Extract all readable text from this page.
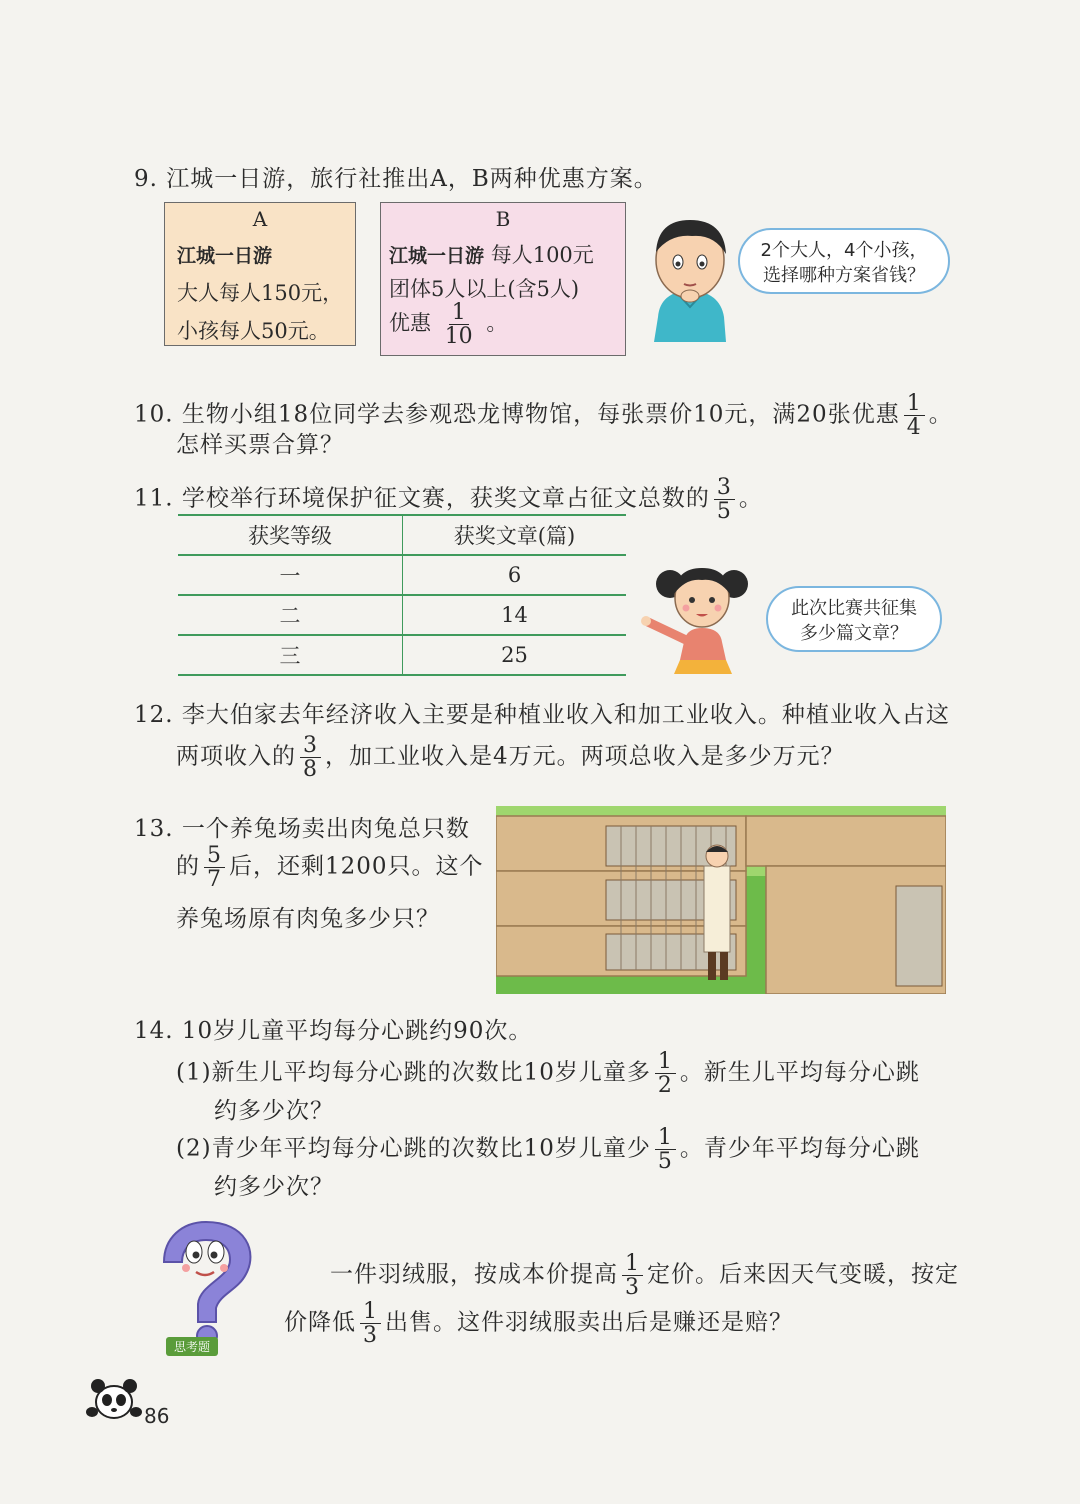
9. 江城一日游，旅行社推出A，B两种优惠方案。
A
江城一日游
大人每人150元，
小孩每人50元。
B
江城一日游 每人100元
团体5人以上(含5人)
优惠 $\frac{1}{10}$ 。
2个大人，4个小孩，
选择哪种方案省钱？
10. 生物小组18位同学去参观恐龙博物馆，每张票价10元，满20张优惠 $\frac{1}{4}$ 。
怎样买票合算？
11. 学校举行环境保护征文赛，获奖文章占征文总数的 $\frac{3}{5}$ 。
获奖等级	获奖文章(篇)
一	6
二	14
三	25
此次比赛共征集
多少篇文章？
12. 李大伯家去年经济收入主要是种植业收入和加工业收入。种植业收入占这
两项收入的 $\frac{3}{8}$ ，加工业收入是4万元。两项总收入是多少万元？
13. 一个养兔场卖出肉兔总只数
的 $\frac{5}{7}$ 后，还剩1200只。这个
养兔场原有肉兔多少只？
14. 10岁儿童平均每分心跳约90次。
(1)新生儿平均每分心跳的次数比10岁儿童多 $\frac{1}{2}$ 。新生儿平均每分心跳
约多少次？
(2)青少年平均每分心跳的次数比10岁儿童少 $\frac{1}{5}$ 。青少年平均每分心跳
约多少次？
思考题
一件羽绒服，按成本价提高 $\frac{1}{3}$ 定价。后来因天气变暖，按定
价降低 $\frac{1}{3}$ 出售。这件羽绒服卖出后是赚还是赔？
86
